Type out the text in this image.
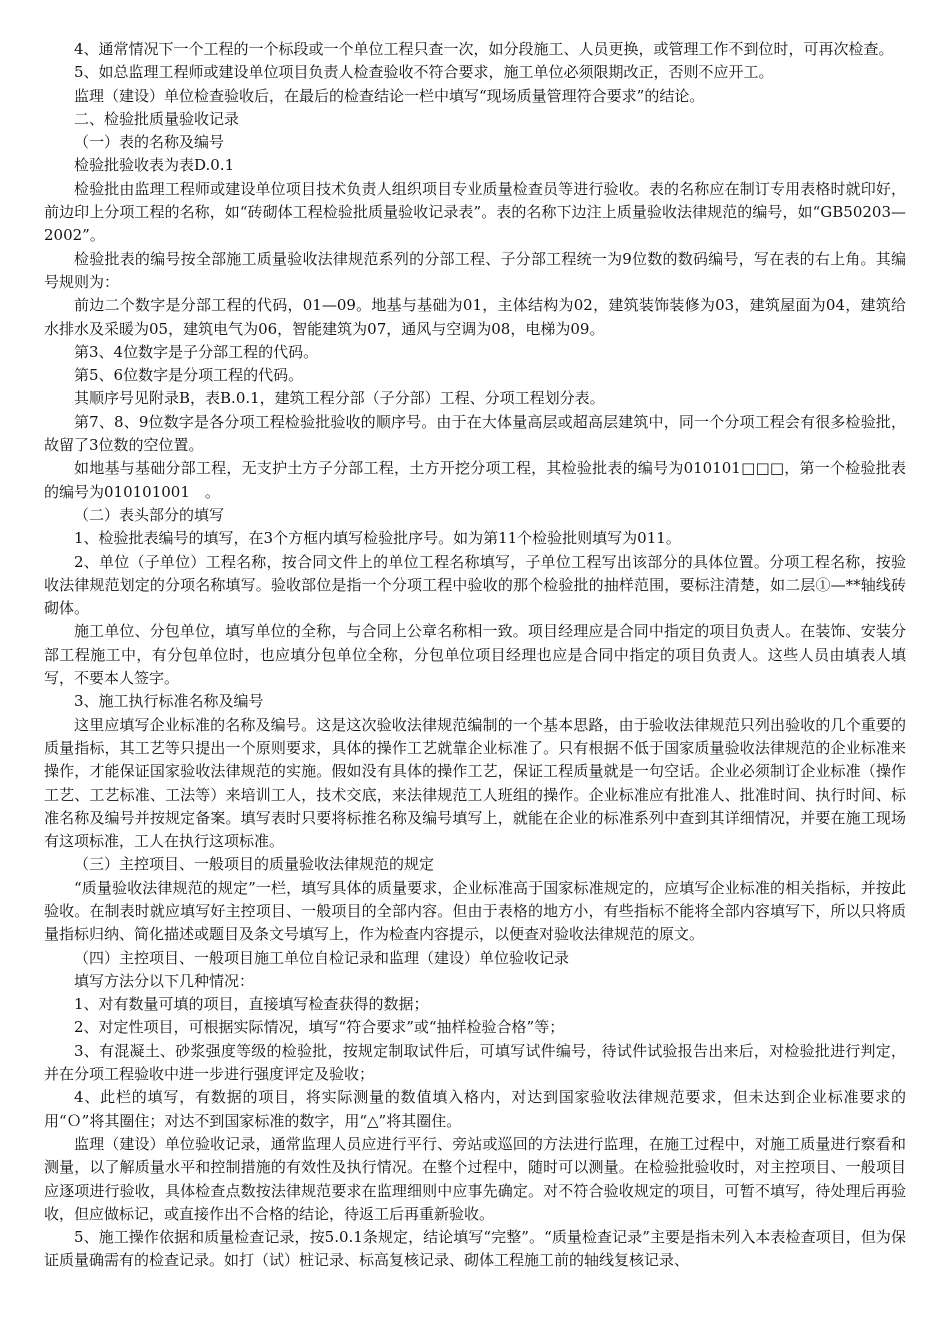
4、通常情况下一个工程的一个标段或一个单位工程只查一次，如分段施工、人员更换，或管理工作不到位时，可再次检查。

5、如总监理工程师或建设单位项目负责人检查验收不符合要求，施工单位必须限期改正，否则不应开工。

监理（建设）单位检查验收后，在最后的检查结论一栏中填写“现场质量管理符合要求”的结论。

二、检验批质量验收记录

（一）表的名称及编号

检验批验收表为表D.0.1

检验批由监理工程师或建设单位项目技术负责人组织项目专业质量检查员等进行验收。表的名称应在制订专用表格时就印好，前边印上分项工程的名称，如“砖砌体工程检验批质量验收记录表”。表的名称下边注上质量验收法律规范的编号，如“GB50203—2002”。

检验批表的编号按全部施工质量验收法律规范系列的分部工程、子分部工程统一为9位数的数码编号，写在表的右上角。其编号规则为：

前边二个数字是分部工程的代码，01—09。地基与基础为01，主体结构为02，建筑装饰装修为03，建筑屋面为04，建筑给水排水及采暖为05，建筑电气为06，智能建筑为07，通风与空调为08，电梯为09。

第3、4位数字是子分部工程的代码。

第5、6位数字是分项工程的代码。

其顺序号见附录B，表B.0.1，建筑工程分部（子分部）工程、分项工程划分表。

第7、8、9位数字是各分项工程检验批验收的顺序号。由于在大体量高层或超高层建筑中，同一个分项工程会有很多检验批，故留了3位数的空位置。

如地基与基础分部工程，无支护土方子分部工程，土方开挖分项工程，其检验批表的编号为010101□□□，第一个检验批表的编号为010101001　。

（二）表头部分的填写

1、检验批表编号的填写，在3个方框内填写检验批序号。如为第11个检验批则填写为011。

2、单位（子单位）工程名称，按合同文件上的单位工程名称填写，子单位工程写出该部分的具体位置。分项工程名称，按验收法律规范划定的分项名称填写。验收部位是指一个分项工程中验收的那个检验批的抽样范围，要标注清楚，如二层①—**轴线砖砌体。

施工单位、分包单位，填写单位的全称，与合同上公章名称相一致。项目经理应是合同中指定的项目负责人。在装饰、安装分部工程施工中，有分包单位时，也应填分包单位全称，分包单位项目经理也应是合同中指定的项目负责人。这些人员由填表人填写，不要本人签字。

3、施工执行标准名称及编号

这里应填写企业标准的名称及编号。这是这次验收法律规范编制的一个基本思路，由于验收法律规范只列出验收的几个重要的质量指标，其工艺等只提出一个原则要求，具体的操作工艺就靠企业标准了。只有根据不低于国家质量验收法律规范的企业标准来操作，才能保证国家验收法律规范的实施。假如没有具体的操作工艺，保证工程质量就是一句空话。企业必须制订企业标准（操作工艺、工艺标准、工法等）来培训工人，技术交底，来法律规范工人班组的操作。企业标准应有批准人、批准时间、执行时间、标准名称及编号并按规定备案。填写表时只要将标推名称及编号填写上，就能在企业的标准系列中查到其详细情况，并要在施工现场有这项标准，工人在执行这项标准。

（三）主控项目、一般项目的质量验收法律规范的规定

“质量验收法律规范的规定”一栏，填写具体的质量要求，企业标准高于国家标准规定的，应填写企业标准的相关指标，并按此验收。在制表时就应填写好主控项目、一般项目的全部内容。但由于表格的地方小，有些指标不能将全部内容填写下，所以只将质量指标归纳、简化描述或题目及条文号填写上，作为检查内容提示，以便查对验收法律规范的原文。

（四）主控项目、一般项目施工单位自检记录和监理（建设）单位验收记录

填写方法分以下几种情况：

1、对有数量可填的项目，直接填写检查获得的数据；

2、对定性项目，可根据实际情况，填写“符合要求”或“抽样检验合格”等；

3、有混凝土、砂浆强度等级的检验批，按规定制取试件后，可填写试件编号，待试件试验报告出来后，对检验批进行判定，并在分项工程验收中进一步进行强度评定及验收；

4、此栏的填写，有数据的项目，将实际测量的数值填入格内，对达到国家验收法律规范要求，但未达到企业标准要求的用“Ｏ”将其圈住；对达不到国家标准的数字，用“△”将其圈住。

监理（建设）单位验收记录，通常监理人员应进行平行、旁站或巡回的方法进行监理，在施工过程中，对施工质量进行察看和测量，以了解质量水平和控制措施的有效性及执行情况。在整个过程中，随时可以测量。在检验批验收时，对主控项目、一般项目应逐项进行验收，具体检查点数按法律规范要求在监理细则中应事先确定。对不符合验收规定的项目，可暂不填写，待处理后再验收，但应做标记，或直接作出不合格的结论，待返工后再重新验收。

5、施工操作依据和质量检查记录，按5.0.1条规定，结论填写“完整”。“质量检查记录”主要是指未列入本表检查项目，但为保证质量确需有的检查记录。如打（试）桩记录、标高复核记录、砌体工程施工前的轴线复核记录、
